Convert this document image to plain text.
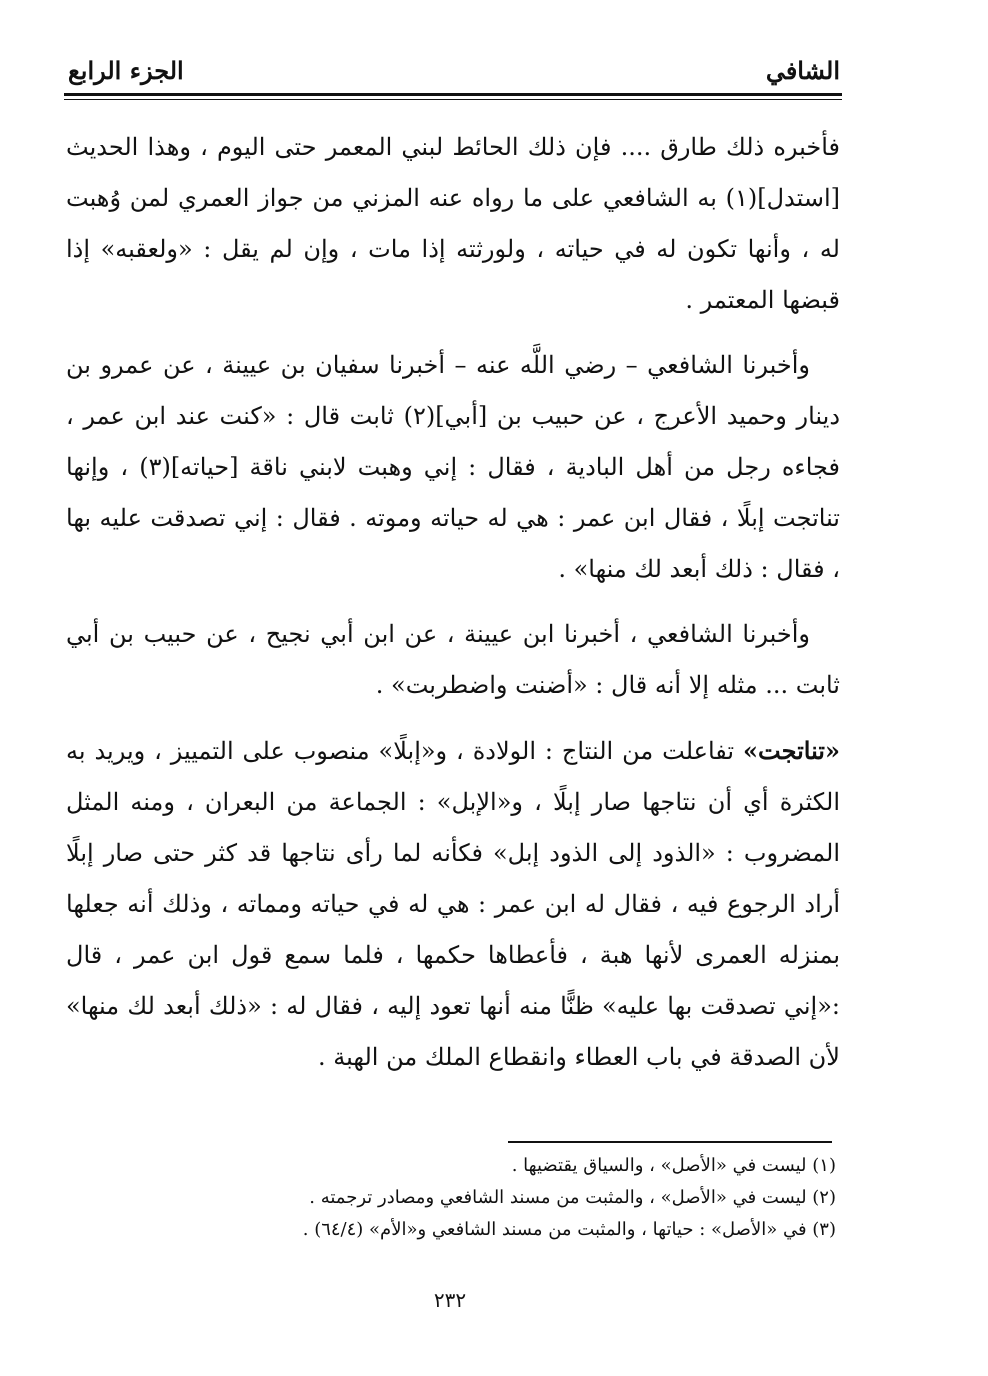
الشافي
الجزء الرابع

فأخبره ذلك طارق .... فإن ذلك الحائط لبني المعمر حتى اليوم ، وهذا الحديث [استدل](١) به الشافعي على ما رواه عنه المزني من جواز العمري لمن وُهبت له ، وأنها تكون له في حياته ، ولورثته إذا مات ، وإن لم يقل : «ولعقبه» إذا قبضها المعتمر .

وأخبرنا الشافعي – رضي اللَّه عنه – أخبرنا سفيان بن عيينة ، عن عمرو بن دينار وحميد الأعرج ، عن حبيب بن [أبي](٢) ثابت قال : «كنت عند ابن عمر ، فجاءه رجل من أهل البادية ، فقال : إني وهبت لابني ناقة [حياته](٣) ، وإنها تناتجت إبلًا ، فقال ابن عمر : هي له حياته وموته . فقال : إني تصدقت عليه بها ، فقال : ذلك أبعد لك منها» .

وأخبرنا الشافعي ، أخبرنا ابن عيينة ، عن ابن أبي نجيح ، عن حبيب بن أبي ثابت ... مثله إلا أنه قال : «أضنت واضطربت» .

«تناتجت» تفاعلت من النتاج : الولادة ، و«إبلًا» منصوب على التمييز ، ويريد به الكثرة أي أن نتاجها صار إبلًا ، و«الإبل» : الجماعة من البعران ، ومنه المثل المضروب : «الذود إلى الذود إبل» فكأنه لما رأى نتاجها قد كثر حتى صار إبلًا أراد الرجوع فيه ، فقال له ابن عمر : هي له في حياته ومماته ، وذلك أنه جعلها بمنزله العمرى لأنها هبة ، فأعطاها حكمها ، فلما سمع قول ابن عمر ، قال :«إني تصدقت بها عليه» ظنًّا منه أنها تعود إليه ، فقال له : «ذلك أبعد لك منها» لأن الصدقة في باب العطاء وانقطاع الملك من الهبة .

(١) ليست في «الأصل» ، والسياق يقتضيها .

(٢) ليست في «الأصل» ، والمثبت من مسند الشافعي ومصادر ترجمته .

(٣) في «الأصل» : حياتها ، والمثبت من مسند الشافعي و«الأم» (٦٤/٤) .

٢٣٢
